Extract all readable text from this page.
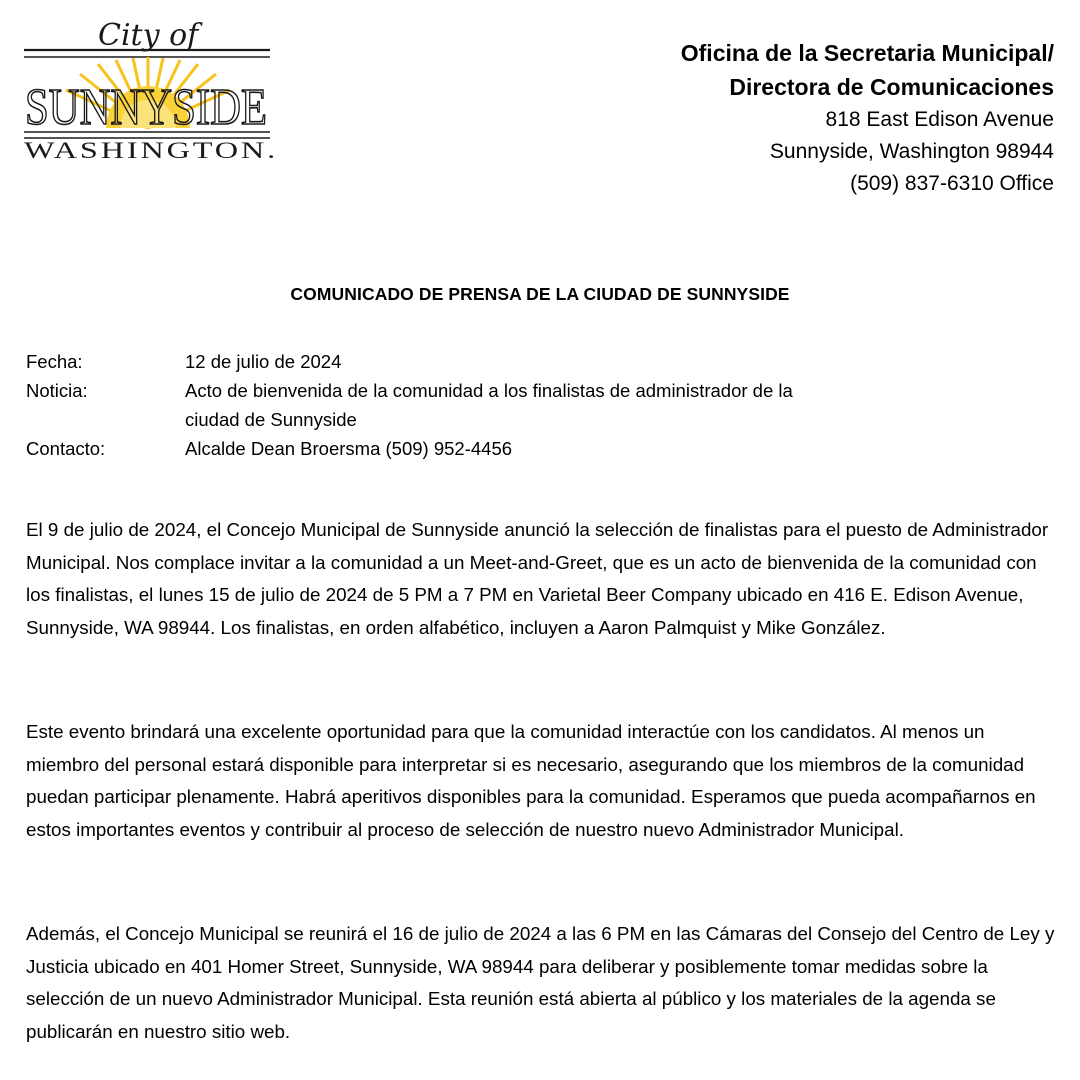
City of
SUNNYSIDE
WASHINGTON.
Oficina de la Secretaria Municipal/
Directora de Comunicaciones
818 East Edison Avenue
Sunnyside, Washington 98944
(509) 837-6310 Office
COMUNICADO DE PRENSA DE LA CIUDAD DE SUNNYSIDE
Fecha:	12 de julio de 2024
Noticia:	Acto de bienvenida de la comunidad a los finalistas de administrador de la
ciudad de Sunnyside
Contacto:	Alcalde Dean Broersma (509) 952-4456

El 9 de julio de 2024, el Concejo Municipal de Sunnyside anunció la selección de finalistas para el puesto de Administrador Municipal. Nos complace invitar a la comunidad a un Meet-and-Greet, que es un acto de bienvenida de la comunidad con los finalistas, el lunes 15 de julio de 2024 de 5 PM a 7 PM en Varietal Beer Company ubicado en 416 E. Edison Avenue, Sunnyside, WA 98944. Los finalistas, en orden alfabético, incluyen a Aaron Palmquist y Mike González.

Este evento brindará una excelente oportunidad para que la comunidad interactúe con los candidatos. Al menos un miembro del personal estará disponible para interpretar si es necesario, asegurando que los miembros de la comunidad puedan participar plenamente. Habrá aperitivos disponibles para la comunidad. Esperamos que pueda acompañarnos en estos importantes eventos y contribuir al proceso de selección de nuestro nuevo Administrador Municipal.

Además, el Concejo Municipal se reunirá el 16 de julio de 2024 a las 6 PM en las Cámaras del Consejo del Centro de Ley y Justicia ubicado en 401 Homer Street, Sunnyside, WA 98944 para deliberar y posiblemente tomar medidas sobre la selección de un nuevo Administrador Municipal. Esta reunión está abierta al público y los materiales de la agenda se publicarán en nuestro sitio web.
